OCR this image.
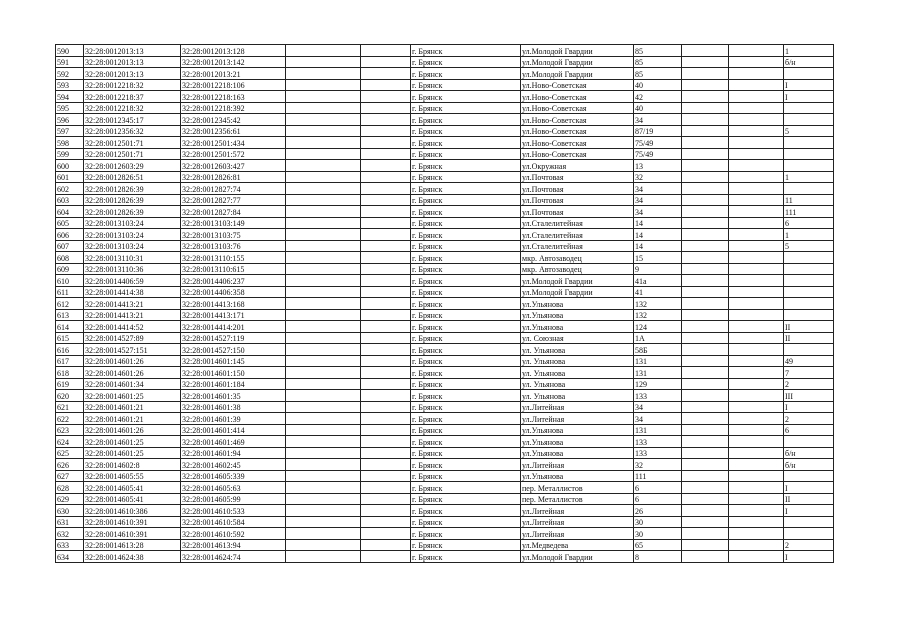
590	32:28:0012013:13	32:28:0012013:128			г. Брянск	ул.Молодой Гвардии	85			1
591	32:28:0012013:13	32:28:0012013:142			г. Брянск	ул.Молодой Гвардии	85			б/н
592	32:28:0012013:13	32:28:0012013:21			г. Брянск	ул.Молодой Гвардии	85			
593	32:28:0012218:32	32:28:0012218:106			г. Брянск	ул.Ново-Советская	40			I
594	32:28:0012218:37	32:28:0012218:163			г. Брянск	ул.Ново-Советская	42			I
595	32:28:0012218:32	32:28:0012218:392			г. Брянск	ул.Ново-Советская	40			
596	32:28:0012345:17	32:28:0012345:42			г. Брянск	ул.Ново-Советская	34			
597	32:28:0012356:32	32:28:0012356:61			г. Брянск	ул.Ново-Советская	87/19			5
598	32:28:0012501:71	32:28:0012501:434			г. Брянск	ул.Ново-Советская	75/49			
599	32:28:0012501:71	32:28:0012501:572			г. Брянск	ул.Ново-Советская	75/49			
600	32:28:0012603:29	32:28:0012603:427			г. Брянск	ул.Окружная	13			
601	32:28:0012826:51	32:28:0012826:81			г. Брянск	ул.Почтовая	32			1
602	32:28:0012826:39	32:28:0012827:74			г. Брянск	ул.Почтовая	34			
603	32:28:0012826:39	32:28:0012827:77			г. Брянск	ул.Почтовая	34			11
604	32:28:0012826:39	32:28:0012827:84			г. Брянск	ул.Почтовая	34			111
605	32:28:0013103:24	32:28:0013103:149			г. Брянск	ул.Сталелитейная	14			6
606	32:28:0013103:24	32:28:0013103:75			г. Брянск	ул.Сталелитейная	14			1
607	32:28:0013103:24	32:28:0013103:76			г. Брянск	ул.Сталелитейная	14			5
608	32:28:0013110:31	32:28:0013110:155			г. Брянск	мкр. Автозаводец	15			
609	32:28:0013110:36	32:28:0013110:615			г. Брянск	мкр. Автозаводец	9			
610	32:28:0014406:59	32:28:0014406:237			г. Брянск	ул.Молодой Гвардии	41а			
611	32:28:0014414:38	32:28:0014406:358			г. Брянск	ул.Молодой Гвардии	41			
612	32:28:0014413:21	32:28:0014413:168			г. Брянск	ул.Ульянова	132			
613	32:28:0014413:21	32:28:0014413:171			г. Брянск	ул.Ульянова	132			
614	32:28:0014414:52	32:28:0014414:201			г. Брянск	ул.Ульянова	124			II
615	32:28:0014527:89	32:28:0014527:119			г. Брянск	ул. Союзная	1А			II
616	32:28:0014527:151	32:28:0014527:150			г. Брянск	ул. Ульянова	58Б			
617	32:28:0014601:26	32:28:0014601:145			г. Брянск	ул. Ульянова	131			49
618	32:28:0014601:26	32:28:0014601:150			г. Брянск	ул. Ульянова	131			7
619	32:28:0014601:34	32:28:0014601:184			г. Брянск	ул. Ульянова	129			2
620	32:28:0014601:25	32:28:0014601:35			г. Брянск	ул. Ульянова	133			III
621	32:28:0014601:21	32:28:0014601:38			г. Брянск	ул.Литейная	34			I
622	32:28:0014601:21	32:28:0014601:39			г. Брянск	ул.Литейная	34			2
623	32:28:0014601:26	32:28:0014601:414			г. Брянск	ул.Ульянова	131			6
624	32:28:0014601:25	32:28:0014601:469			г. Брянск	ул.Ульянова	133			
625	32:28:0014601:25	32:28:0014601:94			г. Брянск	ул.Ульянова	133			б/н
626	32:28:0014602:8	32:28:0014602:45			г. Брянск	ул.Литейная	32			б/н
627	32:28:0014605:55	32:28:0014605:339			г. Брянск	ул.Ульянова	111			
628	32:28:0014605:41	32:28:0014605:63			г. Брянск	пер. Металлистов	6			I
629	32:28:0014605:41	32:28:0014605:99			г. Брянск	пер. Металлистов	6			II
630	32:28:0014610:386	32:28:0014610:533			г. Брянск	ул.Литейная	26			I
631	32:28:0014610:391	32:28:0014610:584			г. Брянск	ул.Литейная	30			
632	32:28:0014610:391	32:28:0014610:592			г. Брянск	ул.Литейная	30			
633	32:28:0014613:28	32:28:0014613:94			г. Брянск	ул.Медведева	65			2
634	32:28:0014624:38	32:28:0014624:74			г. Брянск	ул.Молодой Гвардии	8			I
